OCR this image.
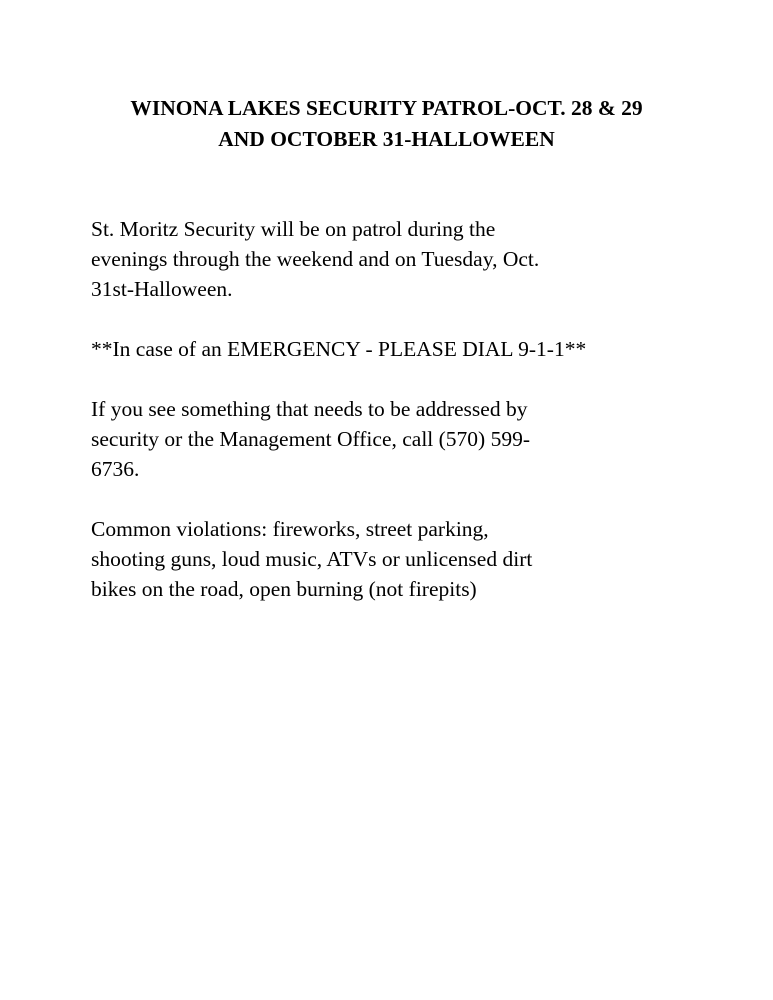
WINONA LAKES SECURITY PATROL-OCT. 28 & 29
AND OCTOBER 31-HALLOWEEN

St. Moritz Security will be on patrol during the
evenings through the weekend and on Tuesday, Oct.
31st-Halloween.

**In case of an EMERGENCY - PLEASE DIAL 9-1-1**

If you see something that needs to be addressed by
security or the Management Office, call (570) 599-
6736.

Common violations: fireworks, street parking,
shooting guns, loud music, ATVs or unlicensed dirt
bikes on the road, open burning (not firepits)
